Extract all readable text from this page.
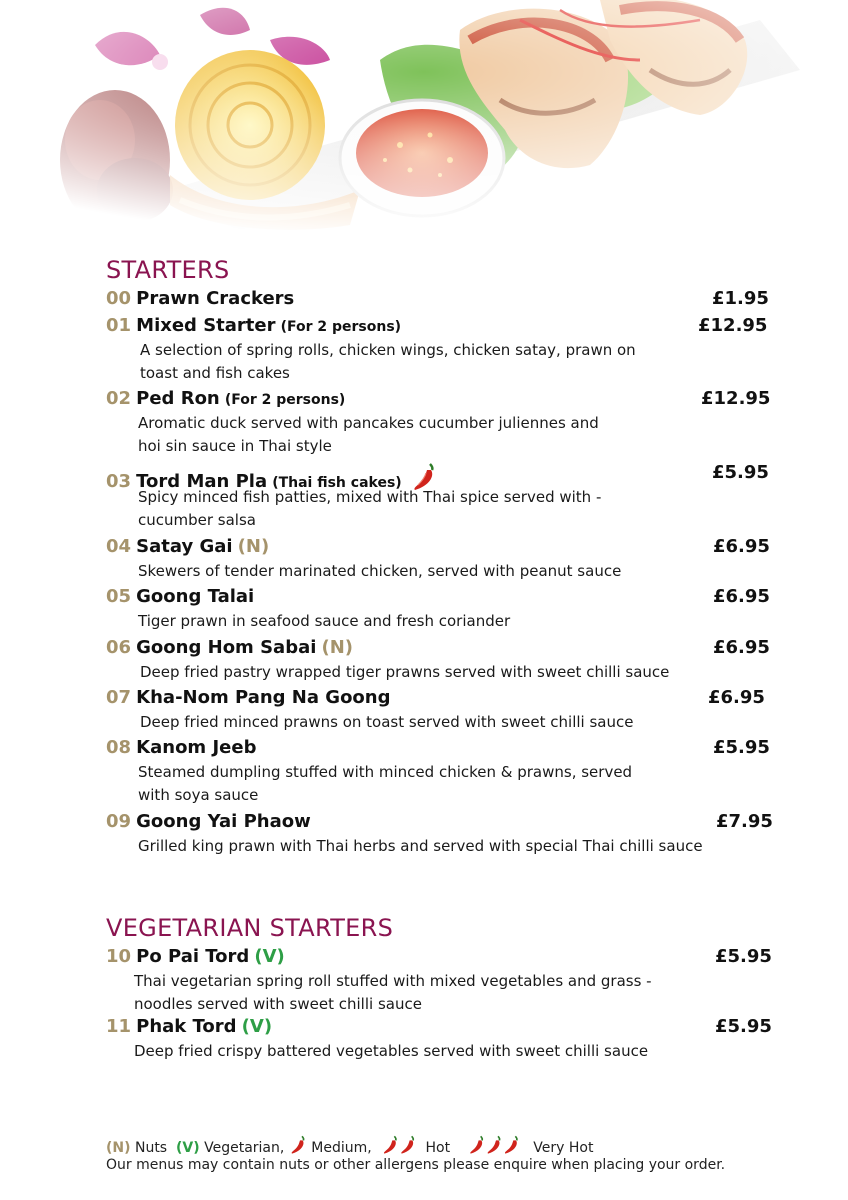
STARTERS
00 Prawn Crackers	£1.95
01 Mixed Starter (For 2 persons)	£12.95
A selection of spring rolls, chicken wings, chicken satay, prawn on
toast and fish cakes
02 Ped Ron (For 2 persons)	£12.95
Aromatic duck served with pancakes cucumber juliennes and
hoi sin sauce in Thai style
03 Tord Man Pla (Thai fish cakes)	£5.95
Spicy minced fish patties, mixed with Thai spice served with -
cucumber salsa
04 Satay Gai (N)	£6.95
Skewers of tender marinated chicken, served with peanut sauce
05 Goong Talai	£6.95
Tiger prawn in seafood sauce and fresh coriander
06 Goong Hom Sabai (N)	£6.95
Deep fried pastry wrapped tiger prawns served with sweet chilli sauce
07 Kha-Nom Pang Na Goong	£6.95
Deep fried minced prawns on toast served with sweet chilli sauce
08 Kanom Jeeb	£5.95
Steamed dumpling stuffed with minced chicken & prawns, served
with soya sauce
09 Goong Yai Phaow	£7.95
Grilled king prawn with Thai herbs and served with special Thai chilli sauce
VEGETARIAN STARTERS
10 Po Pai Tord (V)	£5.95
Thai vegetarian spring roll stuffed with mixed vegetables and grass -
noodles served with sweet chilli sauce
11 Phak Tord (V)	£5.95
Deep fried crispy battered vegetables served with sweet chilli sauce
(N) Nuts (V) Vegetarian, Medium,	Hot	Very Hot
Our menus may contain nuts or other allergens please enquire when placing your order.
